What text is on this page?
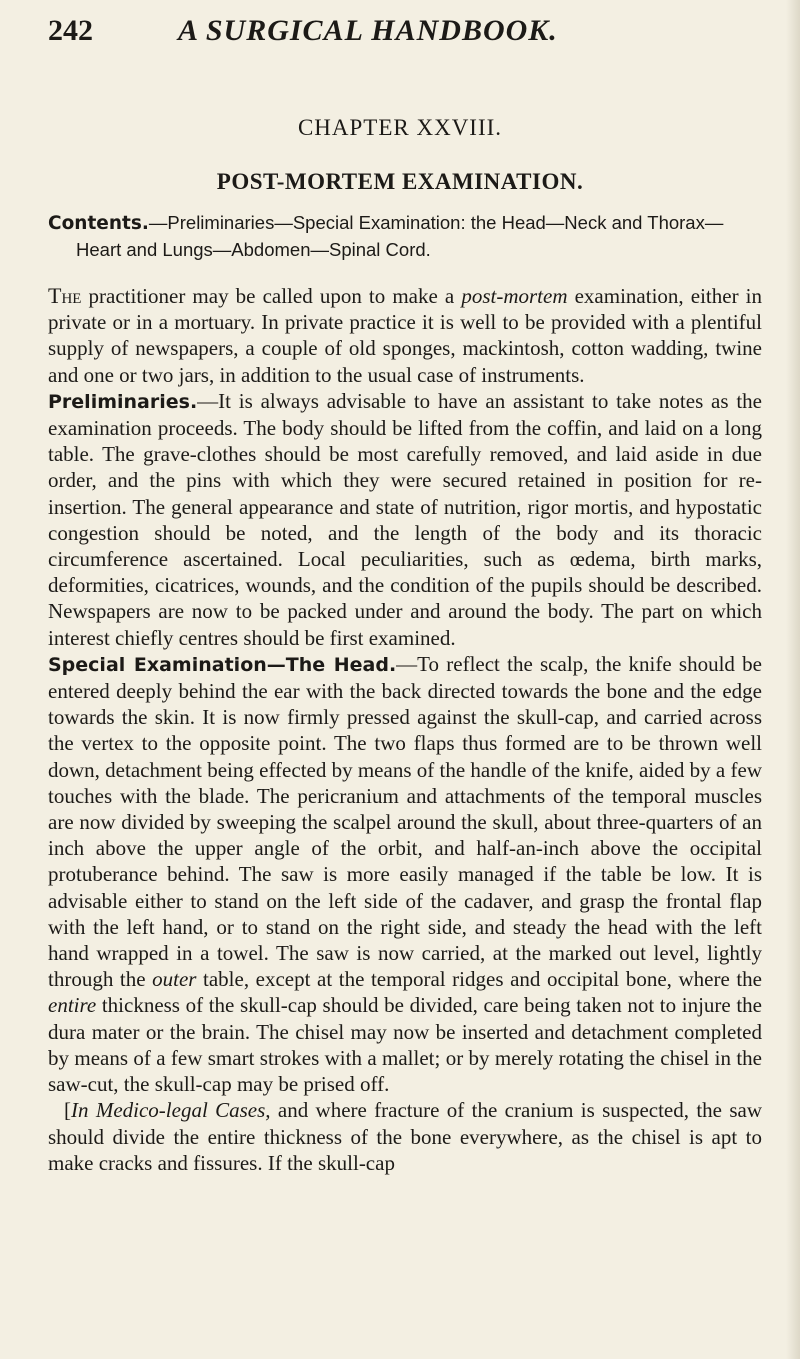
242	A SURGICAL HANDBOOK.
CHAPTER XXVIII.
POST-MORTEM EXAMINATION.
Contents.—Preliminaries—Special Examination: the Head—Neck and Thorax—Heart and Lungs—Abdomen—Spinal Cord.

The practitioner may be called upon to make a post-mortem examination, either in private or in a mortuary. In private practice it is well to be provided with a plentiful supply of newspapers, a couple of old sponges, mackintosh, cotton wadding, twine and one or two jars, in addition to the usual case of instruments.

Preliminaries.—It is always advisable to have an assistant to take notes as the examination proceeds. The body should be lifted from the coffin, and laid on a long table. The grave-clothes should be most carefully removed, and laid aside in due order, and the pins with which they were secured retained in position for re-insertion. The general appearance and state of nutrition, rigor mortis, and hypostatic congestion should be noted, and the length of the body and its thoracic circumference ascertained. Local peculiarities, such as œdema, birth marks, deformities, cicatrices, wounds, and the condition of the pupils should be described. Newspapers are now to be packed under and around the body. The part on which interest chiefly centres should be first examined.

Special Examination—The Head.—To reflect the scalp, the knife should be entered deeply behind the ear with the back directed towards the bone and the edge towards the skin. It is now firmly pressed against the skull-cap, and carried across the vertex to the opposite point. The two flaps thus formed are to be thrown well down, detachment being effected by means of the handle of the knife, aided by a few touches with the blade. The pericranium and attachments of the temporal muscles are now divided by sweeping the scalpel around the skull, about three-quarters of an inch above the upper angle of the orbit, and half-an-inch above the occipital protuberance behind. The saw is more easily managed if the table be low. It is advisable either to stand on the left side of the cadaver, and grasp the frontal flap with the left hand, or to stand on the right side, and steady the head with the left hand wrapped in a towel. The saw is now carried, at the marked out level, lightly through the outer table, except at the temporal ridges and occipital bone, where the entire thickness of the skull-cap should be divided, care being taken not to injure the dura mater or the brain. The chisel may now be inserted and detachment completed by means of a few smart strokes with a mallet; or by merely rotating the chisel in the saw-cut, the skull-cap may be prised off.

[In Medico-legal Cases, and where fracture of the cranium is suspected, the saw should divide the entire thickness of the bone everywhere, as the chisel is apt to make cracks and fissures. If the skull-cap
